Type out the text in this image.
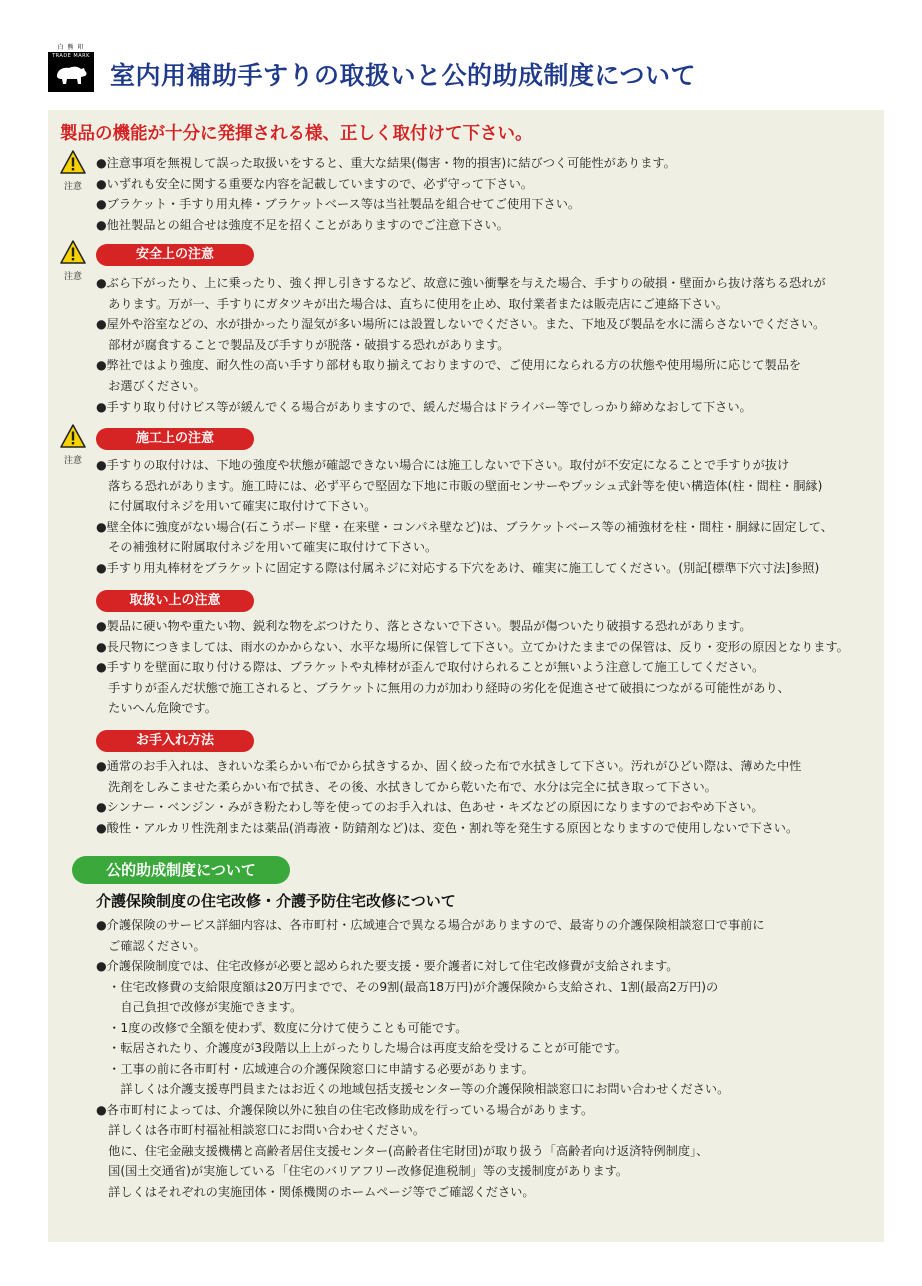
白 熊 印
TRADE MARK
室内用補助手すりの取扱いと公的助成制度について
製品の機能が十分に発揮される様、正しく取付けて下さい。
注意
●注意事項を無視して誤った取扱いをすると、重大な結果(傷害・物的損害)に結びつく可能性があります。
●いずれも安全に関する重要な内容を記載していますので、必ず守って下さい。
●ブラケット・手すり用丸棒・ブラケットベース等は当社製品を組合せてご使用下さい。
●他社製品との組合せは強度不足を招くことがありますのでご注意下さい。
注意
安全上の注意
●ぶら下がったり、上に乗ったり、強く押し引きするなど、故意に強い衝撃を与えた場合、手すりの破損・壁面から抜け落ちる恐れが
　あります。万が一、手すりにガタツキが出た場合は、直ちに使用を止め、取付業者または販売店にご連絡下さい。
●屋外や浴室などの、水が掛かったり湿気が多い場所には設置しないでください。また、下地及び製品を水に濡らさないでください。
　部材が腐食することで製品及び手すりが脱落・破損する恐れがあります。
●弊社ではより強度、耐久性の高い手すり部材も取り揃えておりますので、ご使用になられる方の状態や使用場所に応じて製品を
　お選びください。
●手すり取り付けビス等が緩んでくる場合がありますので、緩んだ場合はドライバー等でしっかり締めなおして下さい。
注意
施工上の注意
●手すりの取付けは、下地の強度や状態が確認できない場合には施工しないで下さい。取付が不安定になることで手すりが抜け
　落ちる恐れがあります。施工時には、必ず平らで堅固な下地に市販の壁面センサーやプッシュ式針等を使い構造体(柱・間柱・胴縁)
　に付属取付ネジを用いて確実に取付けて下さい。
●壁全体に強度がない場合(石こうボード壁・在来壁・コンパネ壁など)は、ブラケットベース等の補強材を柱・間柱・胴縁に固定して、
　その補強材に附属取付ネジを用いて確実に取付けて下さい。
●手すり用丸棒材をブラケットに固定する際は付属ネジに対応する下穴をあけ、確実に施工してください。(別記[標準下穴寸法]参照)
取扱い上の注意
●製品に硬い物や重たい物、鋭利な物をぶつけたり、落とさないで下さい。製品が傷ついたり破損する恐れがあります。
●長尺物につきましては、雨水のかからない、水平な場所に保管して下さい。立てかけたままでの保管は、反り・変形の原因となります。
●手すりを壁面に取り付ける際は、ブラケットや丸棒材が歪んで取付けられることが無いよう注意して施工してください。
　手すりが歪んだ状態で施工されると、ブラケットに無用の力が加わり経時の劣化を促進させて破損につながる可能性があり、
　たいへん危険です。
お手入れ方法
●通常のお手入れは、きれいな柔らかい布でから拭きするか、固く絞った布で水拭きして下さい。汚れがひどい際は、薄めた中性
　洗剤をしみこませた柔らかい布で拭き、その後、水拭きしてから乾いた布で、水分は完全に拭き取って下さい。
●シンナー・ベンジン・みがき粉たわし等を使ってのお手入れは、色あせ・キズなどの原因になりますのでおやめ下さい。
●酸性・アルカリ性洗剤または薬品(消毒液・防錆剤など)は、変色・割れ等を発生する原因となりますので使用しないで下さい。
公的助成制度について
介護保険制度の住宅改修・介護予防住宅改修について
●介護保険のサービス詳細内容は、各市町村・広域連合で異なる場合がありますので、最寄りの介護保険相談窓口で事前に
　ご確認ください。
●介護保険制度では、住宅改修が必要と認められた要支援・要介護者に対して住宅改修費が支給されます。
　・住宅改修費の支給限度額は20万円までで、その9割(最高18万円)が介護保険から支給され、1割(最高2万円)の
　　自己負担で改修が実施できます。
　・1度の改修で全額を使わず、数度に分けて使うことも可能です。
　・転居されたり、介護度が3段階以上上がったりした場合は再度支給を受けることが可能です。
　・工事の前に各市町村・広域連合の介護保険窓口に申請する必要があります。
　　詳しくは介護支援専門員またはお近くの地域包括支援センター等の介護保険相談窓口にお問い合わせください。
●各市町村によっては、介護保険以外に独自の住宅改修助成を行っている場合があります。
　詳しくは各市町村福祉相談窓口にお問い合わせください。
　他に、住宅金融支援機構と高齢者居住支援センター(高齢者住宅財団)が取り扱う「高齢者向け返済特例制度」、
　国(国土交通省)が実施している「住宅のバリアフリー改修促進税制」等の支援制度があります。
　詳しくはそれぞれの実施団体・関係機関のホームページ等でご確認ください。
